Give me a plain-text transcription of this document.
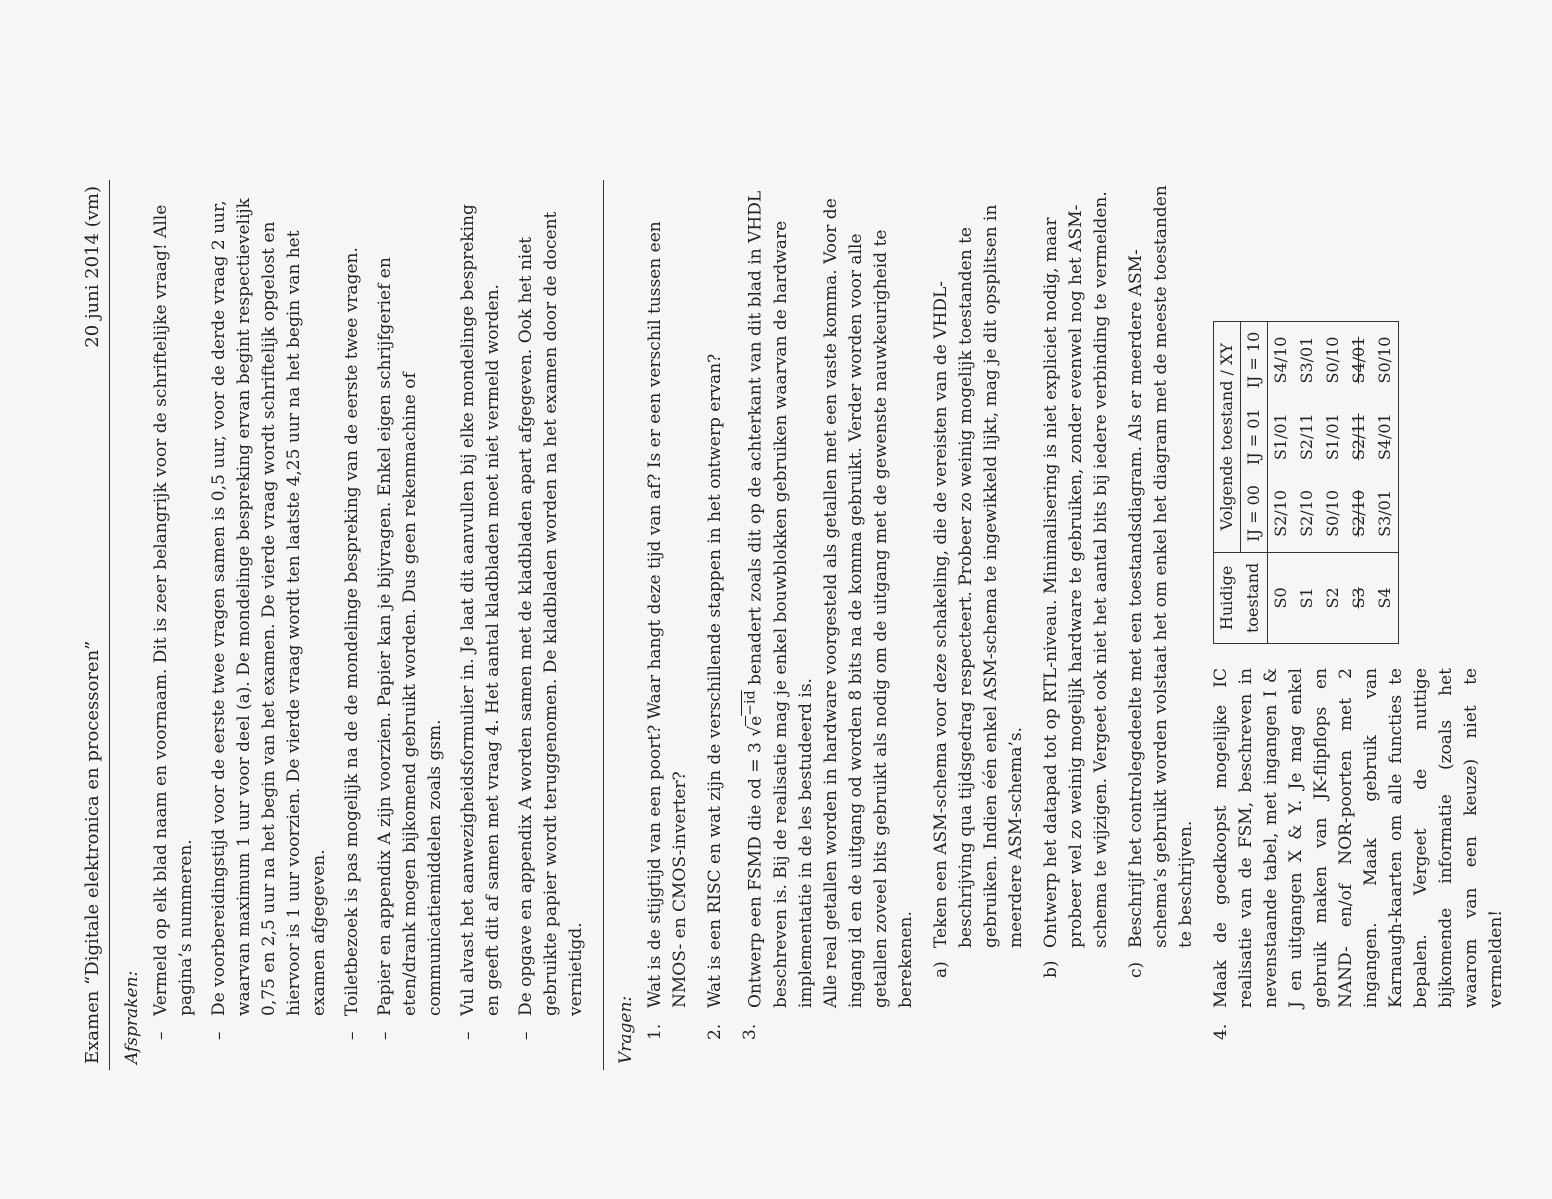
Examen “Digitale elektronica en processoren”
20 juni 2014 (vm)
Afspraken: –
Vermeld op elk blad naam en voornaam. Dit is zeer belangrijk voor de schriftelijke vraag! Alle pagina’s nummeren.
–
De voorbereidingstijd voor de eerste twee vragen samen is 0,5 uur, voor de derde vraag 2 uur, waarvan maximum 1 uur voor deel (a). De mondelinge bespreking ervan begint respectievelijk 0,75 en 2,5 uur na het begin van het examen. De vierde vraag wordt schriftelijk opgelost en hiervoor is 1 uur voorzien. De vierde vraag wordt ten laatste 4,25 uur na het begin van het examen afgegeven.
–
Toiletbezoek is pas mogelijk na de de mondelinge bespreking van de eerste twee vragen.
–
Papier en appendix A zijn voorzien. Papier kan je bijvragen. Enkel eigen schrijfgerief en eten/drank mogen bijkomend gebruikt worden. Dus geen rekenmachine of communicatiemiddelen zoals gsm.
–
Vul alvast het aanwezigheidsformulier in. Je laat dit aanvullen bij elke mondelinge bespreking en geeft dit af samen met vraag 4. Het aantal kladbladen moet niet vermeld worden.
–
De opgave en appendix A worden samen met de kladbladen apart afgegeven. Ook het niet gebruikte papier wordt teruggenomen. De kladbladen worden na het examen door de docent vernietigd.
Vragen: 1.
Wat is de stijgtijd van een poort? Waar hangt deze tijd van af? Is er een verschil tussen een NMOS- en CMOS-inverter?
2.
Wat is een RISC en wat zijn de verschillende stappen in het ontwerp ervan?
3.

Ontwerp een FSMD die od = 3 $√e^{-id}$ benadert zoals dit op de achterkant van dit blad in VHDL beschreven is. Bij de realisatie mag je enkel bouwblokken gebruiken waarvan de hardware implementatie in de les bestudeerd is. Alle real getallen worden in hardware voorgesteld als getallen met een vaste komma. Voor de ingang id en de uitgang od worden 8 bits na de komma gebruikt. Verder worden voor alle getallen zoveel bits gebruikt als nodig om de uitgang met de gewenste nauwkeurigheid te berekenen. a)
Teken een ASM-schema voor deze schakeling, die de vereisten van de VHDL-beschrijving qua tijdsgedrag respecteert. Probeer zo weinig mogelijk toestanden te gebruiken. Indien één enkel ASM-schema te ingewikkeld lijkt, mag je dit opsplitsen in meerdere ASM-schema’s.
b)
Ontwerp het datapad tot op RTL-niveau. Minimalisering is niet expliciet nodig, maar probeer wel zo weinig mogelijk hardware te gebruiken, zonder evenwel nog het ASM-schema te wijzigen. Vergeet ook niet het aantal bits bij iedere verbinding te vermelden.
c)
Beschrijf het controlegedeelte met een toestandsdiagram. Als er meerdere ASM-schema’s gebruikt worden volstaat het om enkel het diagram met de meeste toestanden te beschrijven.
4.
Maak de goedkoopst mogelijke IC realisatie van de FSM, beschreven in nevenstaande tabel, met ingangen I & J en uitgangen X & Y. Je mag enkel gebruik maken van JK-flipflops en NAND- en/of NOR-poorten met 2 ingangen. Maak gebruik van Karnaugh-kaarten om alle functies te bepalen. Vergeet de nuttige bijkomende informatie (zoals het waarom van een keuze) niet te vermelden!
Huidige	Volgende toestand / XY		
toestand	IJ = 00	IJ = 01	IJ = 10
S0	S2/10	S1/01	S4/10
S1	S2/10	S2/11	S3/01
S2	S0/10	S1/01	S0/10
S3	S2/10	S2/11	S4/01
S4	S3/01	S4/01	S0/10
